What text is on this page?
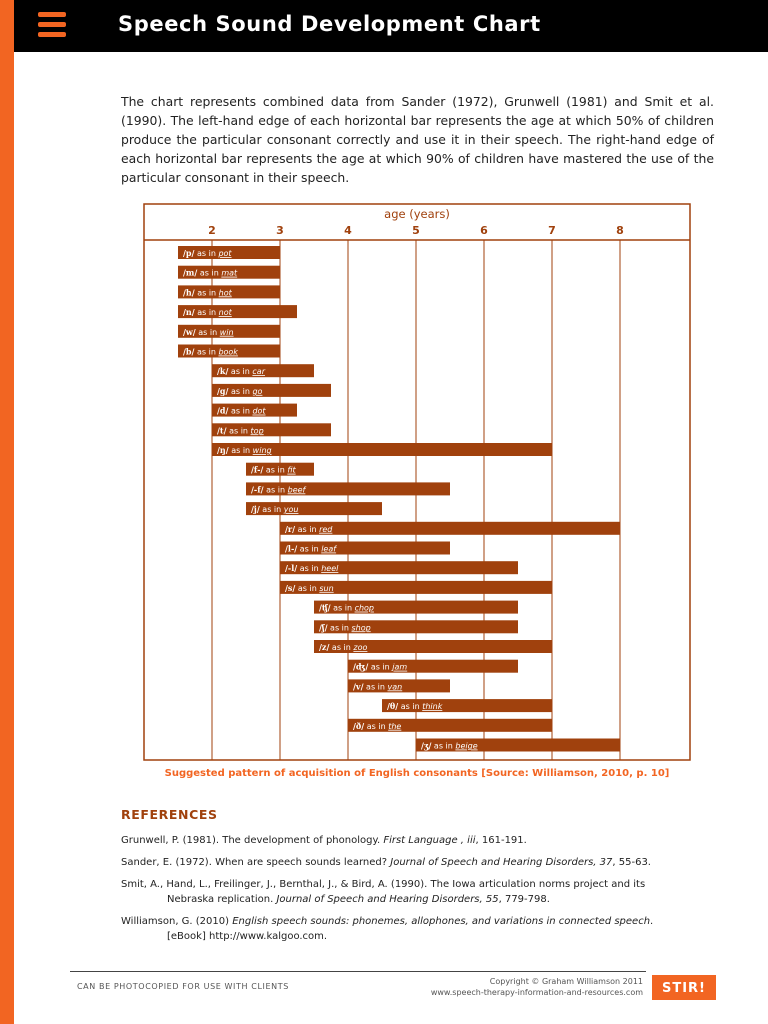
Speech Sound Development Chart

The chart represents combined data from Sander (1972), Grunwell (1981) and Smit et al. (1990). The left-hand edge of each horizontal bar represents the age at which 50% of children produce the particular consonant correctly and use it in their speech. The right-hand edge of each horizontal bar represents the age at which 90% of children have mastered the use of the particular consonant in their speech.

age (years)
2	3	4	5	6	7	8
/p/ as in pot
/m/ as in mat
/h/ as in hot
/n/ as in not
/w/ as in win
/b/ as in book
/k/ as in car
/g/ as in go
/d/ as in dot
/t/ as in top
/ŋ/ as in wing
/f-/ as in fit
/-f/ as in beef
/j/ as in you
/r/ as in red
/l-/ as in leaf
/-l/ as in heel
/s/ as in sun
/ʧ/ as in chop
/ʃ/ as in shop
/z/ as in zoo
/ʤ/ as in jam
/v/ as in van
/θ/ as in think
/ð/ as in the
/ʒ/ as in beige
Suggested pattern of acquisition of English consonants [Source: Williamson, 2010, p. 10]
REFERENCES
Grunwell, P. (1981). The development of phonology. First Language , iii, 161-191.
Sander, E. (1972). When are speech sounds learned? Journal of Speech and Hearing Disorders, 37, 55-63.
Smit, A., Hand, L., Freilinger, J., Bernthal, J., & Bird, A. (1990). The Iowa articulation norms project and its Nebraska replication. Journal of Speech and Hearing Disorders, 55, 779-798.
Williamson, G. (2010) English speech sounds: phonemes, allophones, and variations in connected speech. [eBook] http://www.kalgoo.com.
CAN BE PHOTOCOPIED FOR USE WITH CLIENTS
Copyright © Graham Williamson 2011
www.speech-therapy-information-and-resources.com	STIR!
